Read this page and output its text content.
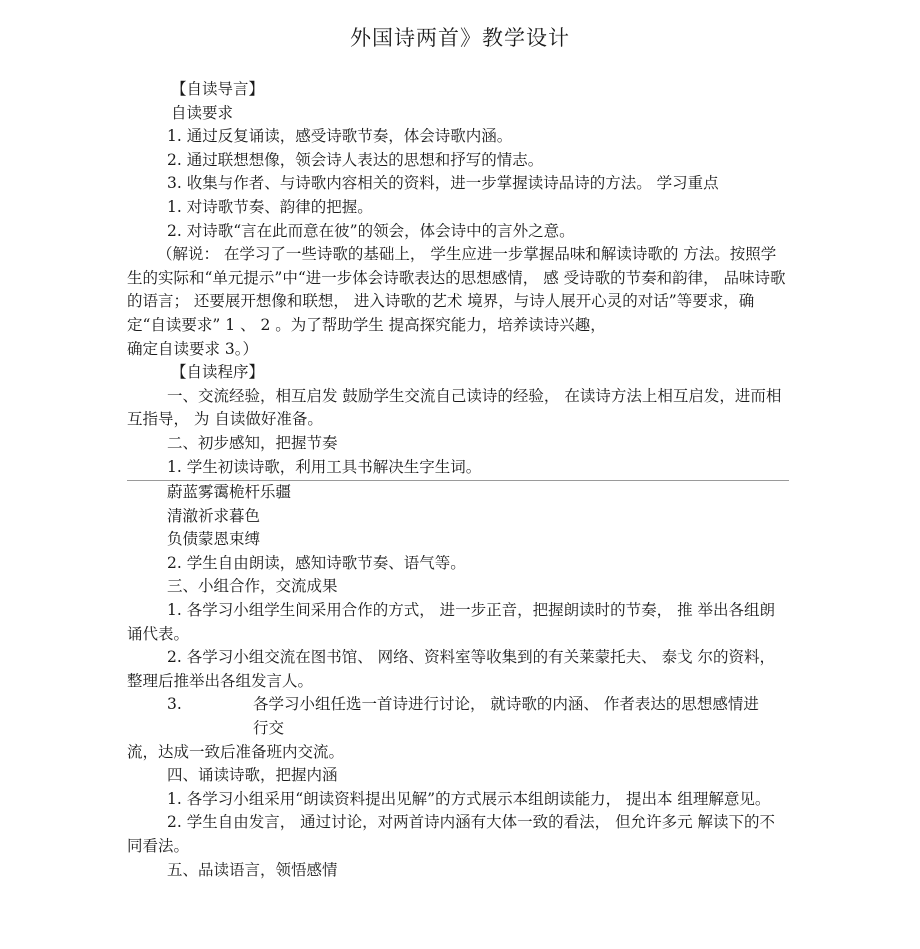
外国诗两首》教学设计

【自读导言】

自读要求

1. 通过反复诵读，感受诗歌节奏，体会诗歌内涵。

2. 通过联想想像，领会诗人表达的思想和抒写的情志。

3. 收集与作者、与诗歌内容相关的资料，进一步掌握读诗品诗的方法。 学习重点

1. 对诗歌节奏、韵律的把握。

2. 对诗歌“言在此而意在彼”的领会，体会诗中的言外之意。

（解说： 在学习了一些诗歌的基础上， 学生应进一步掌握品味和解读诗歌的 方法。按照学生的实际和“单元提示”中“进一步体会诗歌表达的思想感情， 感 受诗歌的节奏和韵律， 品味诗歌的语言； 还要展开想像和联想， 进入诗歌的艺术 境界，与诗人展开心灵的对话”等要求，确定“自读要求” 1 、 2 。为了帮助学生 提高探究能力，培养读诗兴趣，

确定自读要求 3。）

【自读程序】

一、交流经验，相互启发 鼓励学生交流自己读诗的经验， 在读诗方法上相互启发，进而相互指导， 为 自读做好准备。

二、初步感知，把握节奏

1. 学生初读诗歌，利用工具书解决生字生词。

蔚蓝雾霭桅杆乐疆

清澈祈求暮色

负债蒙恩束缚

2. 学生自由朗读，感知诗歌节奏、语气等。

三、小组合作，交流成果

1. 各学习小组学生间采用合作的方式， 进一步正音，把握朗读时的节奏， 推 举出各组朗诵代表。

2. 各学习小组交流在图书馆、 网络、资料室等收集到的有关莱蒙托夫、 泰戈 尔的资料，整理后推举出各组发言人。

3.	各学习小组任选一首诗进行讨论， 就诗歌的内涵、 作者表达的思想感情进行交

流，达成一致后准备班内交流。

四、诵读诗歌，把握内涵

1. 各学习小组采用“朗读资料提出见解”的方式展示本组朗读能力， 提出本 组理解意见。

2. 学生自由发言， 通过讨论，对两首诗内涵有大体一致的看法， 但允许多元 解读下的不同看法。

五、品读语言，领悟感情
